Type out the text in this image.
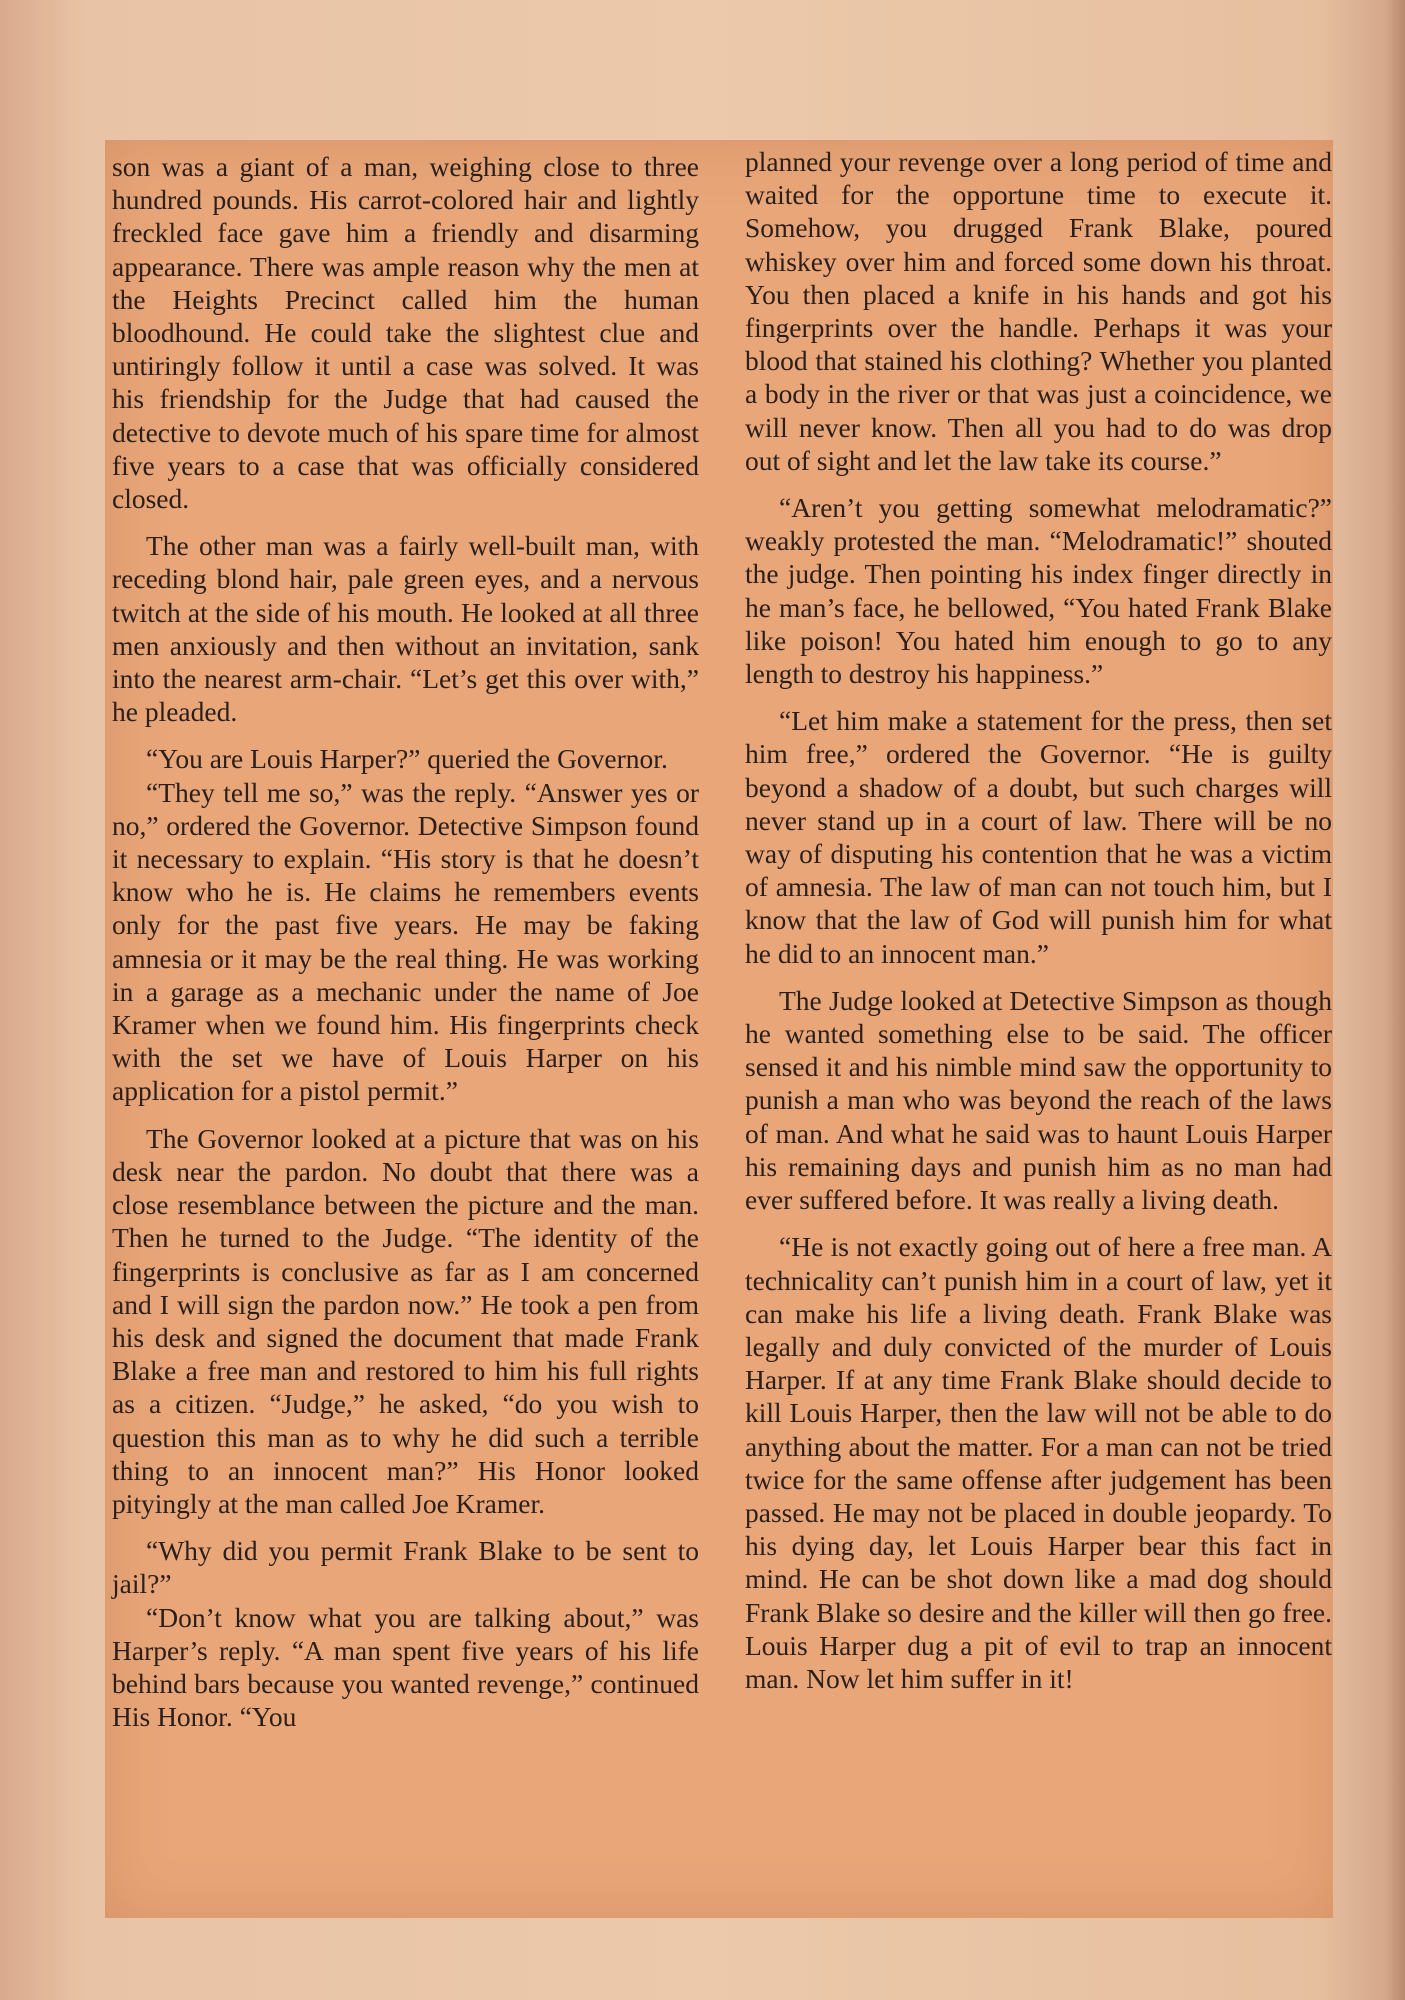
son was a giant of a man, weighing close to three hundred pounds. His carrot-colored hair and lightly freckled face gave him a friendly and disarming appearance. There was ample reason why the men at the Heights Precinct called him the human bloodhound. He could take the slightest clue and untiringly follow it until a case was solved. It was his friendship for the Judge that had caused the detective to devote much of his spare time for almost five years to a case that was officially considered closed.

The other man was a fairly well-built man, with receding blond hair, pale green eyes, and a nervous twitch at the side of his mouth. He looked at all three men anxiously and then without an invitation, sank into the nearest arm-chair. “Let’s get this over with,” he pleaded.

“You are Louis Harper?” queried the Governor.

“They tell me so,” was the reply. “Answer yes or no,” ordered the Governor. Detective Simpson found it necessary to explain. “His story is that he doesn’t know who he is. He claims he remembers events only for the past five years. He may be faking amnesia or it may be the real thing. He was working in a garage as a mechanic under the name of Joe Kramer when we found him. His fingerprints check with the set we have of Louis Harper on his application for a pistol permit.”

The Governor looked at a picture that was on his desk near the pardon. No doubt that there was a close resemblance between the picture and the man. Then he turned to the Judge. “The identity of the fingerprints is conclusive as far as I am concerned and I will sign the pardon now.” He took a pen from his desk and signed the document that made Frank Blake a free man and restored to him his full rights as a citizen. “Judge,” he asked, “do you wish to question this man as to why he did such a terrible thing to an innocent man?” His Honor looked pityingly at the man called Joe Kramer.

“Why did you permit Frank Blake to be sent to jail?”

“Don’t know what you are talking about,” was Harper’s reply. “A man spent five years of his life behind bars because you wanted revenge,” continued His Honor. “You

planned your revenge over a long period of time and waited for the opportune time to execute it. Somehow, you drugged Frank Blake, poured whiskey over him and forced some down his throat. You then placed a knife in his hands and got his fingerprints over the handle. Perhaps it was your blood that stained his clothing? Whether you planted a body in the river or that was just a coincidence, we will never know. Then all you had to do was drop out of sight and let the law take its course.”

“Aren’t you getting somewhat melodramatic?” weakly protested the man. “Melodramatic!” shouted the judge. Then pointing his index finger directly in he man’s face, he bellowed, “You hated Frank Blake like poison! You hated him enough to go to any length to destroy his happiness.”

“Let him make a statement for the press, then set him free,” ordered the Governor. “He is guilty beyond a shadow of a doubt, but such charges will never stand up in a court of law. There will be no way of disputing his contention that he was a victim of amnesia. The law of man can not touch him, but I know that the law of God will punish him for what he did to an innocent man.”

The Judge looked at Detective Simpson as though he wanted something else to be said. The officer sensed it and his nimble mind saw the opportunity to punish a man who was beyond the reach of the laws of man. And what he said was to haunt Louis Harper his remaining days and punish him as no man had ever suffered before. It was really a living death.

“He is not exactly going out of here a free man. A technicality can’t punish him in a court of law, yet it can make his life a living death. Frank Blake was legally and duly convicted of the murder of Louis Harper. If at any time Frank Blake should decide to kill Louis Harper, then the law will not be able to do anything about the matter. For a man can not be tried twice for the same offense after judgement has been passed. He may not be placed in double jeopardy. To his dying day, let Louis Harper bear this fact in mind. He can be shot down like a mad dog should Frank Blake so desire and the killer will then go free. Louis Harper dug a pit of evil to trap an innocent man. Now let him suffer in it!
